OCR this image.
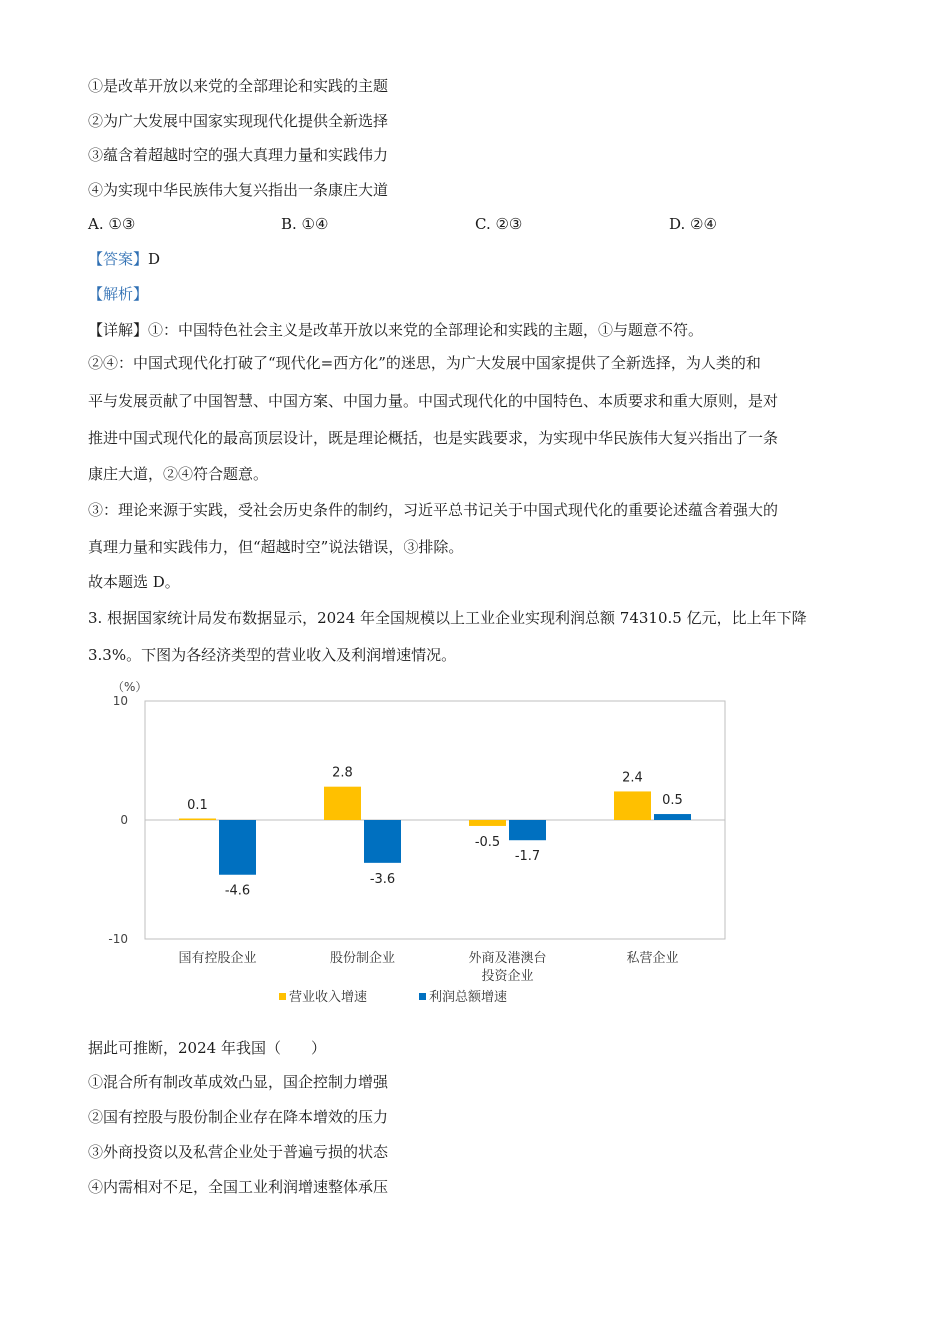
①是改革开放以来党的全部理论和实践的主题
②为广大发展中国家实现现代化提供全新选择
③蕴含着超越时空的强大真理力量和实践伟力
④为实现中华民族伟大复兴指出一条康庄大道
A. ①③	B. ①④	C. ②③	D. ②④
【答案】D
【解析】
【详解】①：中国特色社会主义是改革开放以来党的全部理论和实践的主题，①与题意不符。
②④：中国式现代化打破了“现代化=西方化”的迷思，为广大发展中国家提供了全新选择，为人类的和
平与发展贡献了中国智慧、中国方案、中国力量。中国式现代化的中国特色、本质要求和重大原则，是对
推进中国式现代化的最高顶层设计，既是理论概括，也是实践要求，为实现中华民族伟大复兴指出了一条
康庄大道，②④符合题意。
③：理论来源于实践，受社会历史条件的制约，习近平总书记关于中国式现代化的重要论述蕴含着强大的
真理力量和实践伟力，但“超越时空”说法错误，③排除。
故本题选 D。
3. 根据国家统计局发布数据显示，2024 年全国规模以上工业企业实现利润总额 74310.5 亿元，比上年下降
3.3%。下图为各经济类型的营业收入及利润增速情况。
（%）
10
0
-10
0.1
-4.6
2.8
-3.6
-0.5
-1.7
2.4
0.5
国有控股企业	股份制企业	外商及港澳台
投资企业
私营企业
营业收入增速	利润总额增速
据此可推断，2024 年我国（　　）
①混合所有制改革成效凸显，国企控制力增强
②国有控股与股份制企业存在降本增效的压力
③外商投资以及私营企业处于普遍亏损的状态
④内需相对不足，全国工业利润增速整体承压
